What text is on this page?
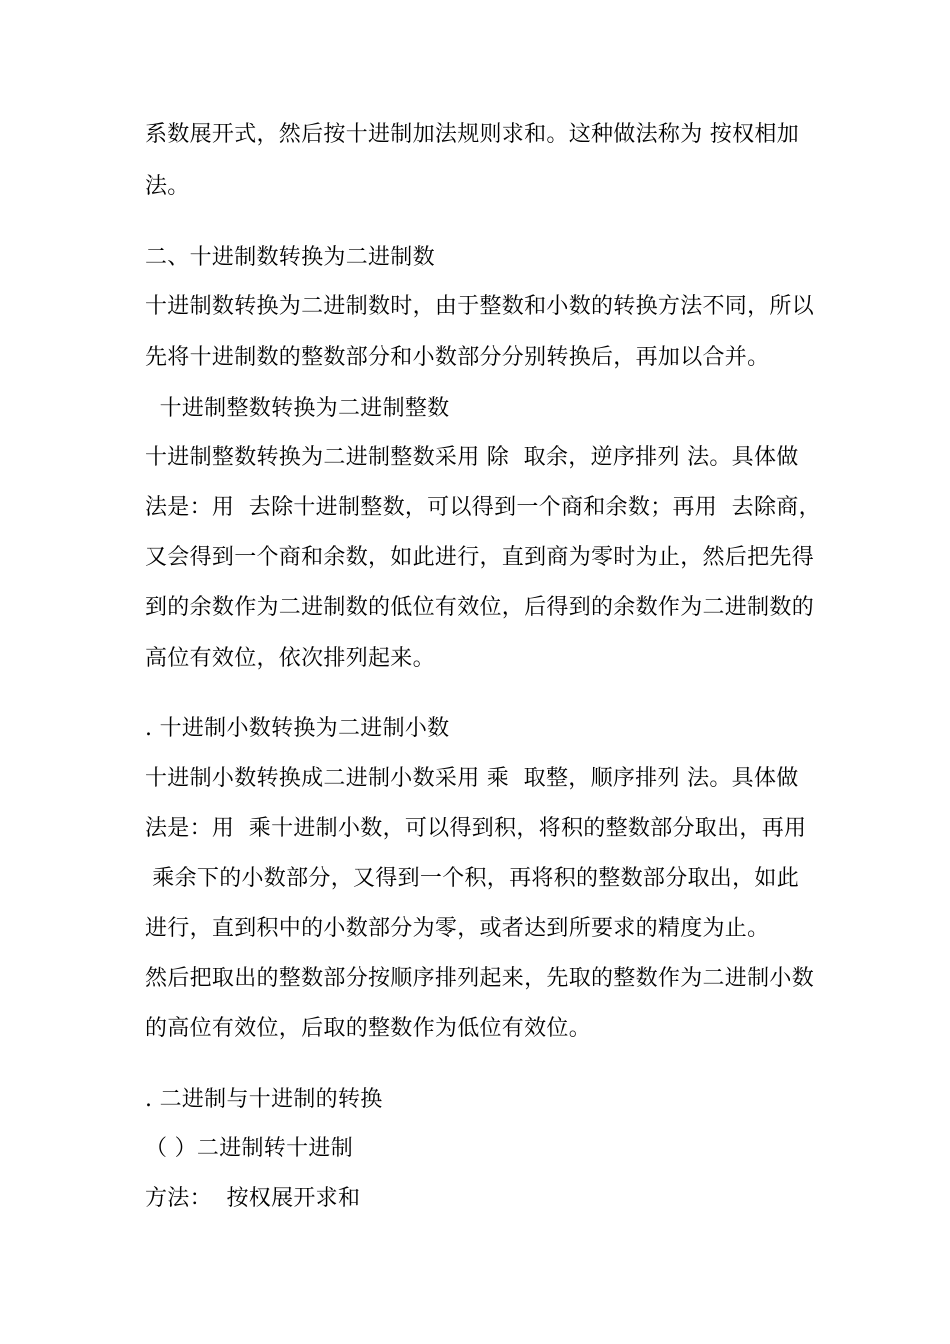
系数展开式，然后按十进制加法规则求和。这种做法称为 按权相加
法。
二、十进制数转换为二进制数
十进制数转换为二进制数时，由于整数和小数的转换方法不同，所以
先将十进制数的整数部分和小数部分分别转换后，再加以合并。
十进制整数转换为二进制整数
十进制整数转换为二进制整数采用 除  取余，逆序排列 法。具体做
法是：用  去除十进制整数，可以得到一个商和余数；再用  去除商，
又会得到一个商和余数，如此进行，直到商为零时为止，然后把先得
到的余数作为二进制数的低位有效位，后得到的余数作为二进制数的
高位有效位，依次排列起来。
. 十进制小数转换为二进制小数
十进制小数转换成二进制小数采用 乘  取整，顺序排列 法。具体做
法是：用  乘十进制小数，可以得到积，将积的整数部分取出，再用
乘余下的小数部分，又得到一个积，再将积的整数部分取出，如此
进行，直到积中的小数部分为零，或者达到所要求的精度为止。
然后把取出的整数部分按顺序排列起来，先取的整数作为二进制小数
的高位有效位，后取的整数作为低位有效位。
. 二进制与十进制的转换
（ ）二进制转十进制
方法：  按权展开求和
